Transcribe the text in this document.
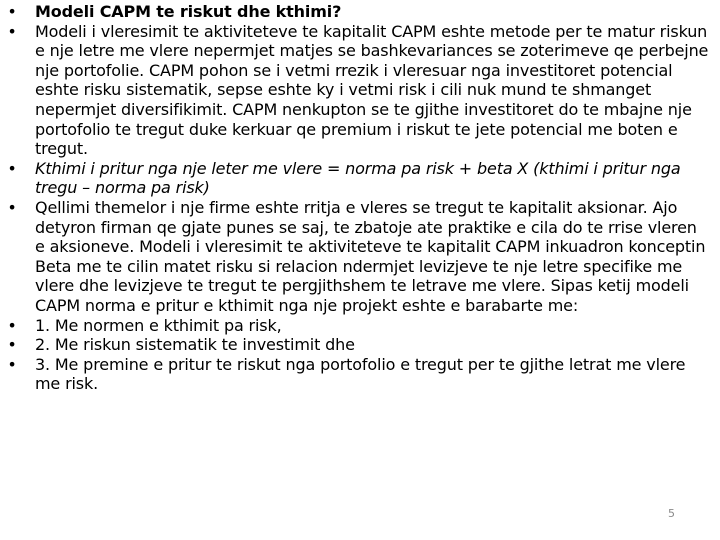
• Modeli CAPM te riskut dhe kthimi?
• Modeli i vleresimit te aktiviteteve te kapitalit CAPM eshte metode per te matur riskun e nje letre me vlere nepermjet matjes se bashkevariances se zoterimeve qe perbejne nje portofolie. CAPM pohon se i vetmi rrezik i vleresuar nga investitoret potencial eshte risku sistematik, sepse eshte ky i vetmi risk i cili nuk mund te shmanget nepermjet diversifikimit. CAPM nenkupton se te gjithe investitoret do te mbajne nje portofolio te tregut duke kerkuar qe premium i riskut te jete potencial me boten e tregut.
• Kthimi i pritur nga nje leter me vlere = norma pa risk + beta X (kthimi i pritur nga tregu – norma pa risk)
• Qellimi themelor i nje firme eshte rritja e vleres se tregut te kapitalit aksionar. Ajo detyron firman qe gjate punes se saj, te zbatoje ate praktike e cila do te rrise vleren e aksioneve. Modeli i vleresimit te aktiviteteve te kapitalit CAPM inkuadron konceptin Beta me te cilin matet risku si relacion ndermjet levizjeve te nje letre specifike me vlere dhe levizjeve te tregut te pergjithshem te letrave me vlere. Sipas ketij modeli CAPM norma e pritur e kthimit nga nje projekt eshte e barabarte me:
• 1. Me normen e kthimit pa risk,
• 2. Me riskun sistematik te investimit dhe
• 3. Me premine e pritur te riskut nga portofolio e tregut per te gjithe letrat me vlere me risk.
5
